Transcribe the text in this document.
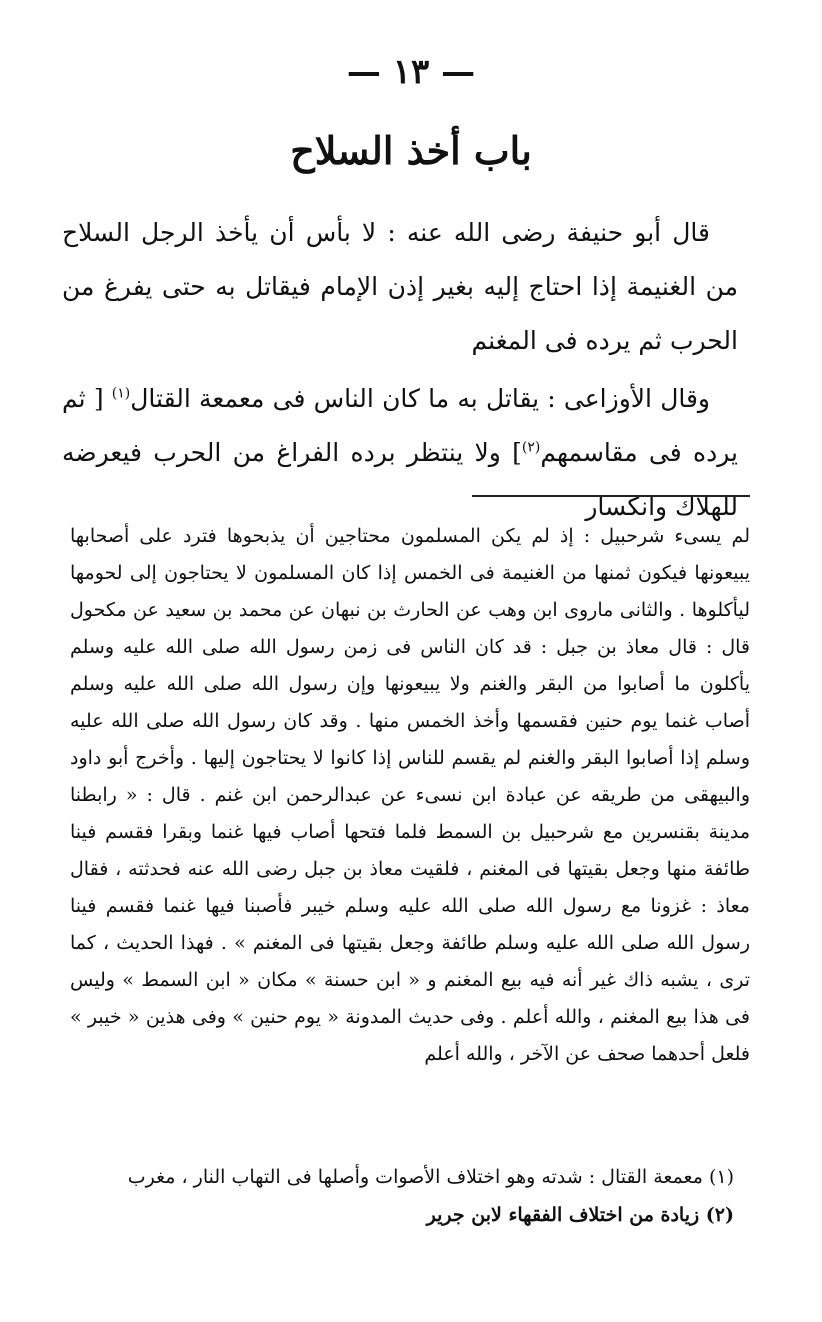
— ١٣ —
باب أخذ السلاح

قال أبو حنيفة رضى الله عنه : لا بأس أن يأخذ الرجل السلاح من الغنيمة إذا احتاج إليه بغير إذن الإمام فيقاتل به حتى يفرغ من الحرب ثم يرده فى المغنم

وقال الأوزاعى : يقاتل به ما كان الناس فى معمعة القتال$^{(١)}$ [ ثم يرده فى مقاسمهم$^{(٢)}$] ولا ينتظر برده الفراغ من الحرب فيعرضه للهلاك وانكسار

لم يسىء شرحبيل : إذ لم يكن المسلمون محتاجين أن يذبحوها فترد على أصحابها يبيعونها فيكون ثمنها من الغنيمة فى الخمس إذا كان المسلمون لا يحتاجون إلى لحومها ليأكلوها . والثانى ماروى ابن وهب عن الحارث بن نبهان عن محمد بن سعيد عن مكحول قال : قال معاذ بن جبل : قد كان الناس فى زمن رسول الله صلى الله عليه وسلم يأكلون ما أصابوا من البقر والغنم ولا يبيعونها وإن رسول الله صلى الله عليه وسلم أصاب غنما يوم حنين فقسمها وأخذ الخمس منها . وقد كان رسول الله صلى الله عليه وسلم إذا أصابوا البقر والغنم لم يقسم للناس إذا كانوا لا يحتاجون إليها . وأخرج أبو داود والبيهقى من طريقه عن عبادة ابن نسىء عن عبدالرحمن ابن غنم . قال : « رابطنا مدينة بقنسرين مع شرحبيل بن السمط فلما فتحها أصاب فيها غنما وبقرا فقسم فينا طائفة منها وجعل بقيتها فى المغنم ، فلقيت معاذ بن جبل رضى الله عنه فحدثته ، فقال معاذ : غزونا مع رسول الله صلى الله عليه وسلم خيبر فأصبنا فيها غنما فقسم فينا رسول الله صلى الله عليه وسلم طائفة وجعل بقيتها فى المغنم » . فهذا الحديث ، كما ترى ، يشبه ذاك غير أنه فيه بيع المغنم و « ابن حسنة » مكان « ابن السمط » وليس فى هذا بيع المغنم ، والله أعلم . وفى حديث المدونة « يوم حنين » وفى هذين « خيبر » فلعل أحدهما صحف عن الآخر ، والله أعلم

(١) معمعة القتال : شدته وهو اختلاف الأصوات وأصلها فى التهاب النار ، مغرب

(٢) زيادة من اختلاف الفقهاء لابن جرير
